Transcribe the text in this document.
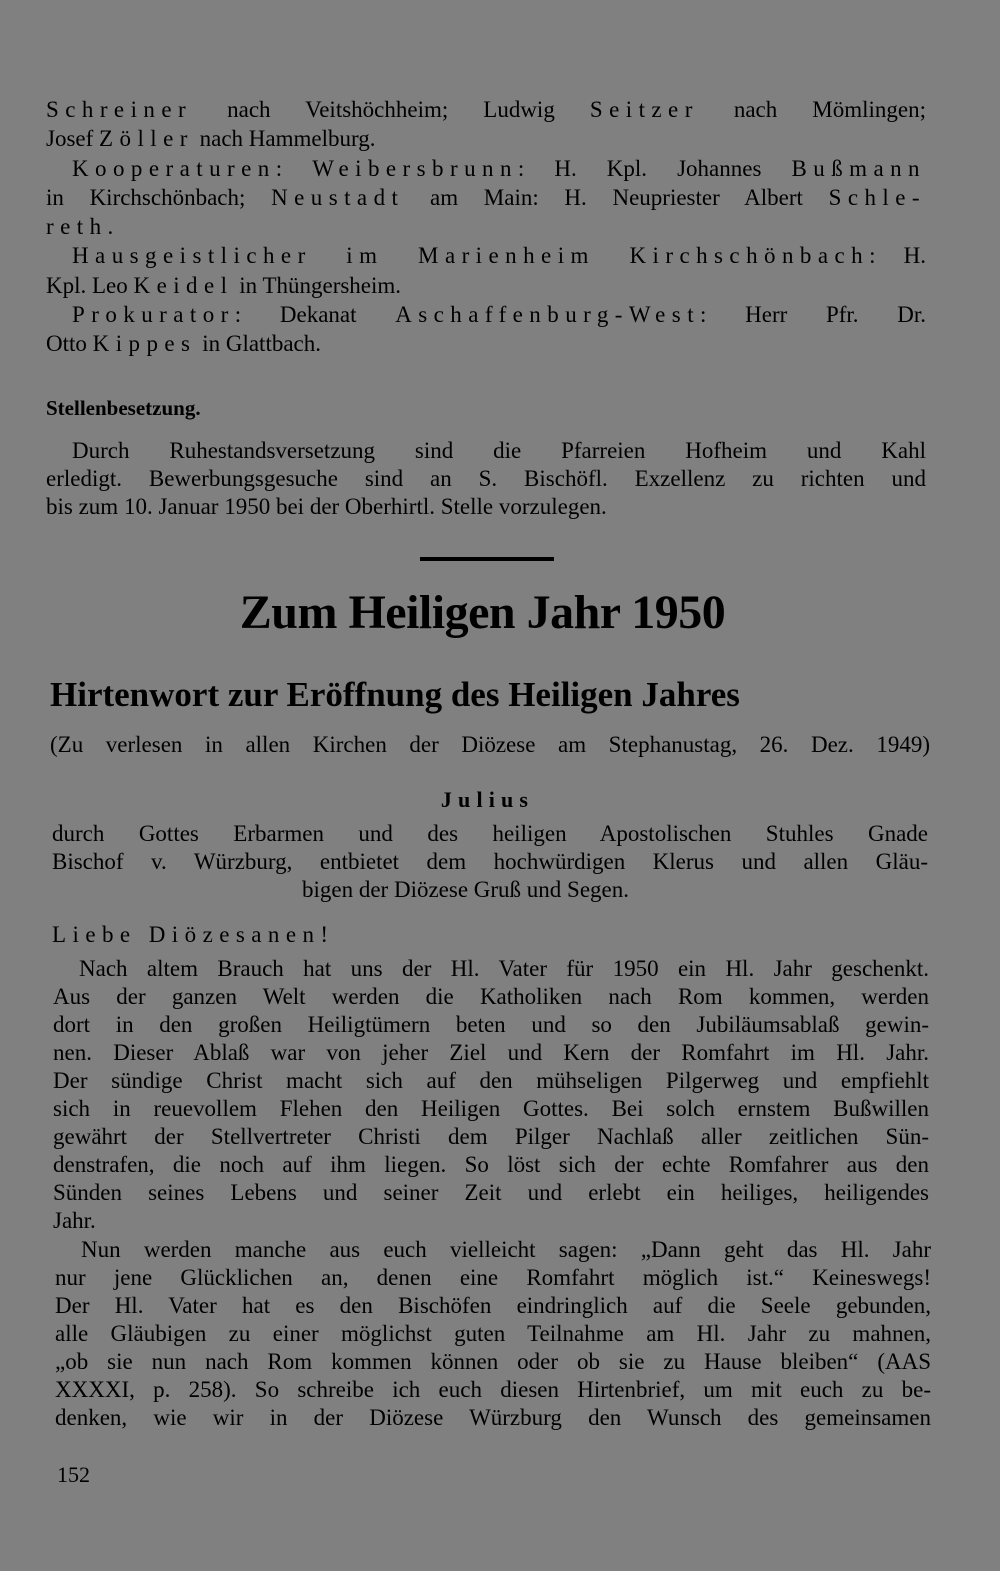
Schreiner nach Veitshöchheim; Ludwig Seitzer nach Mömlingen;
Josef Zöller nach Hammelburg.
Kooperaturen: Weibersbrunn: H. Kpl. Johannes Bußmann
in Kirchschönbach; Neustadt am Main: H. Neupriester Albert Schle-
reth.
Hausgeistlicher im Marienheim Kirchschönbach: H.
Kpl. Leo Keidel in Thüngersheim.
Prokurator: Dekanat Aschaffenburg-West: Herr Pfr. Dr.
Otto Kippes in Glattbach.
Stellenbesetzung.
Durch Ruhestandsversetzung sind die Pfarreien Hofheim und Kahl
erledigt. Bewerbungsgesuche sind an S. Bischöfl. Exzellenz zu richten und
bis zum 10. Januar 1950 bei der Oberhirtl. Stelle vorzulegen.
Zum Heiligen Jahr 1950
Hirtenwort zur Eröffnung des Heiligen Jahres
(Zu verlesen in allen Kirchen der Diözese am Stephanustag, 26. Dez. 1949)
Julius
durch Gottes Erbarmen und des heiligen Apostolischen Stuhles Gnade
Bischof v. Würzburg, entbietet dem hochwürdigen Klerus und allen Gläu-
bigen der Diözese Gruß und Segen.
Liebe Diözesanen!
Nach altem Brauch hat uns der Hl. Vater für 1950 ein Hl. Jahr geschenkt.
Aus der ganzen Welt werden die Katholiken nach Rom kommen, werden
dort in den großen Heiligtümern beten und so den Jubiläumsablaß gewin-
nen. Dieser Ablaß war von jeher Ziel und Kern der Romfahrt im Hl. Jahr.
Der sündige Christ macht sich auf den mühseligen Pilgerweg und empfiehlt
sich in reuevollem Flehen den Heiligen Gottes. Bei solch ernstem Bußwillen
gewährt der Stellvertreter Christi dem Pilger Nachlaß aller zeitlichen Sün-
denstrafen, die noch auf ihm liegen. So löst sich der echte Romfahrer aus den
Sünden seines Lebens und seiner Zeit und erlebt ein heiliges, heiligendes
Jahr.
Nun werden manche aus euch vielleicht sagen: „Dann geht das Hl. Jahr
nur jene Glücklichen an, denen eine Romfahrt möglich ist.“ Keineswegs!
Der Hl. Vater hat es den Bischöfen eindringlich auf die Seele gebunden,
alle Gläubigen zu einer möglichst guten Teilnahme am Hl. Jahr zu mahnen,
„ob sie nun nach Rom kommen können oder ob sie zu Hause bleiben“ (AAS
XXXXI, p. 258). So schreibe ich euch diesen Hirtenbrief, um mit euch zu be-
denken, wie wir in der Diözese Würzburg den Wunsch des gemeinsamen
152
